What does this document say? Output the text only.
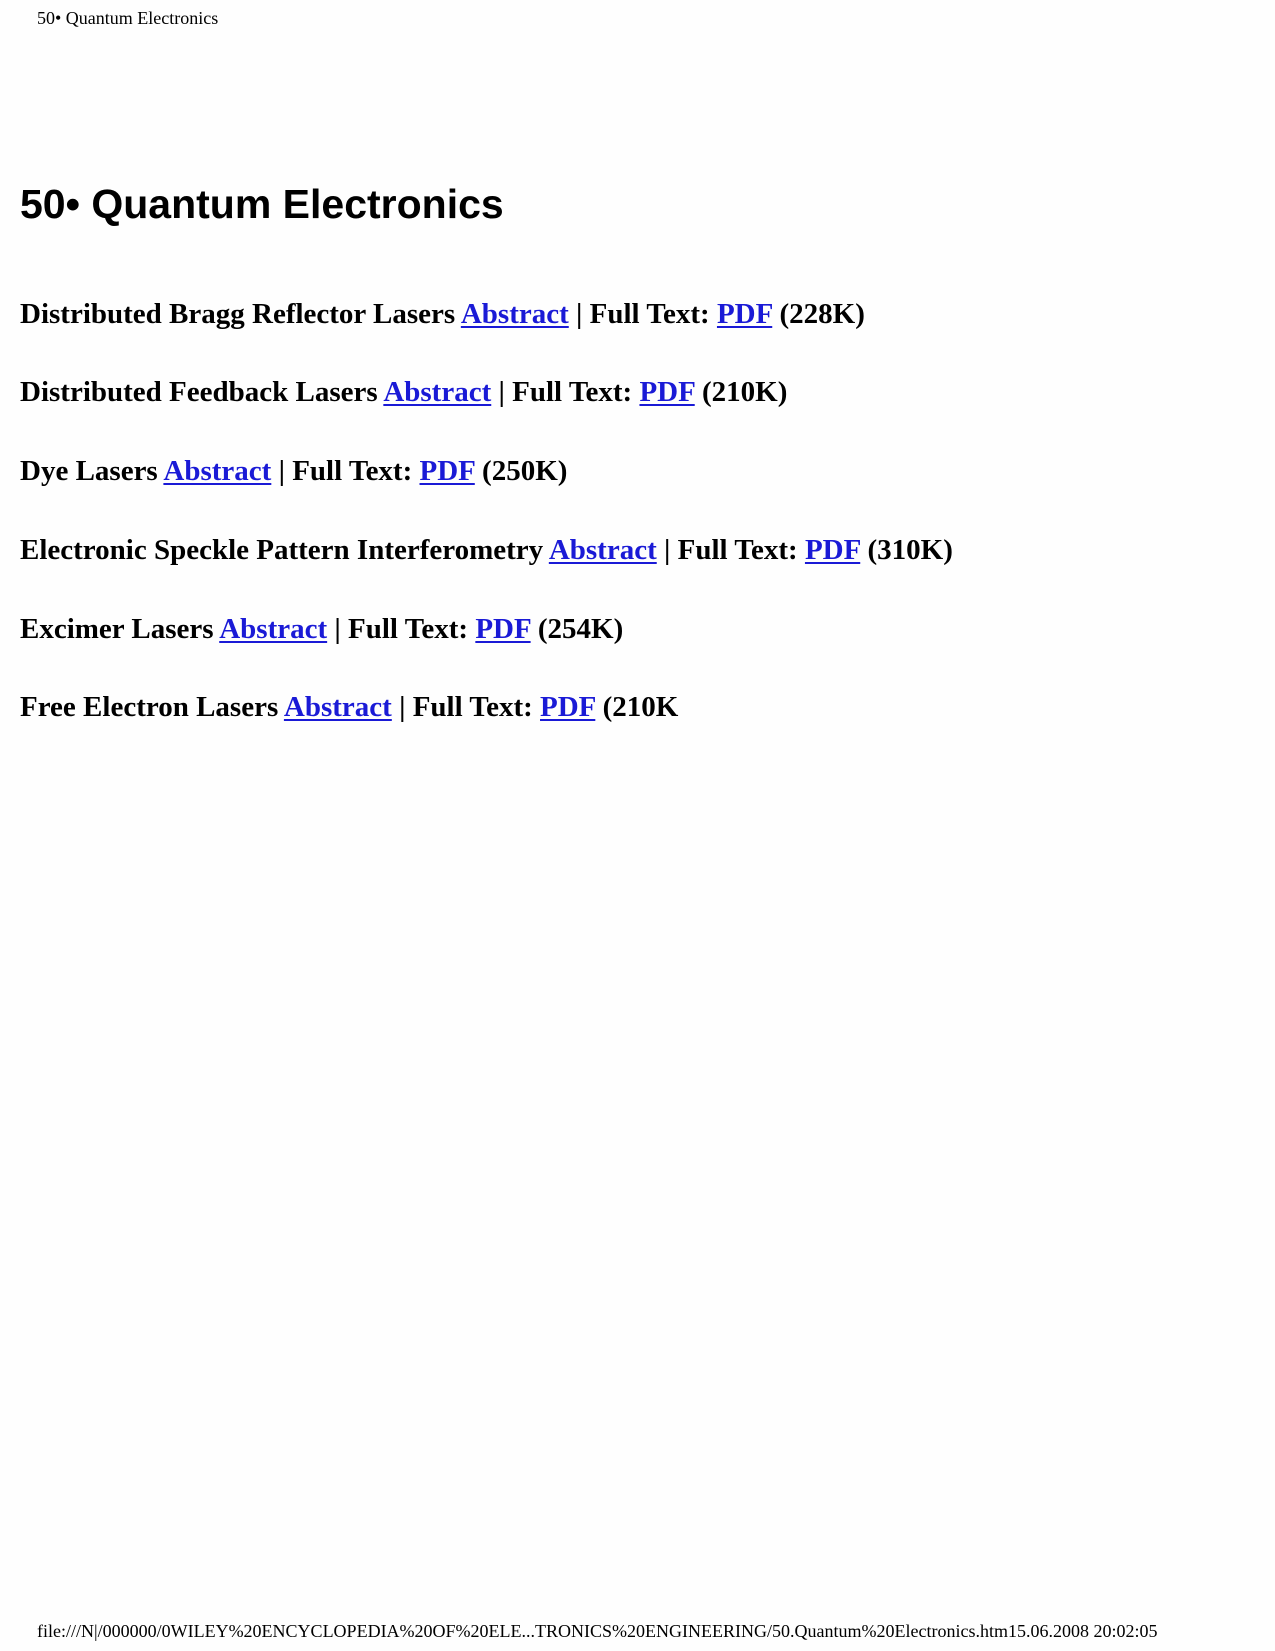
50• Quantum Electronics
50• Quantum Electronics
Distributed Bragg Reflector Lasers Abstract | Full Text: PDF (228K)
Distributed Feedback Lasers Abstract | Full Text: PDF (210K)
Dye Lasers Abstract | Full Text: PDF (250K)
Electronic Speckle Pattern Interferometry Abstract | Full Text: PDF (310K)
Excimer Lasers Abstract | Full Text: PDF (254K)
Free Electron Lasers Abstract | Full Text: PDF (210K
file:///N|/000000/0WILEY%20ENCYCLOPEDIA%20OF%20ELE...TRONICS%20ENGINEERING/50.Quantum%20Electronics.htm15.06.2008 20:02:05
